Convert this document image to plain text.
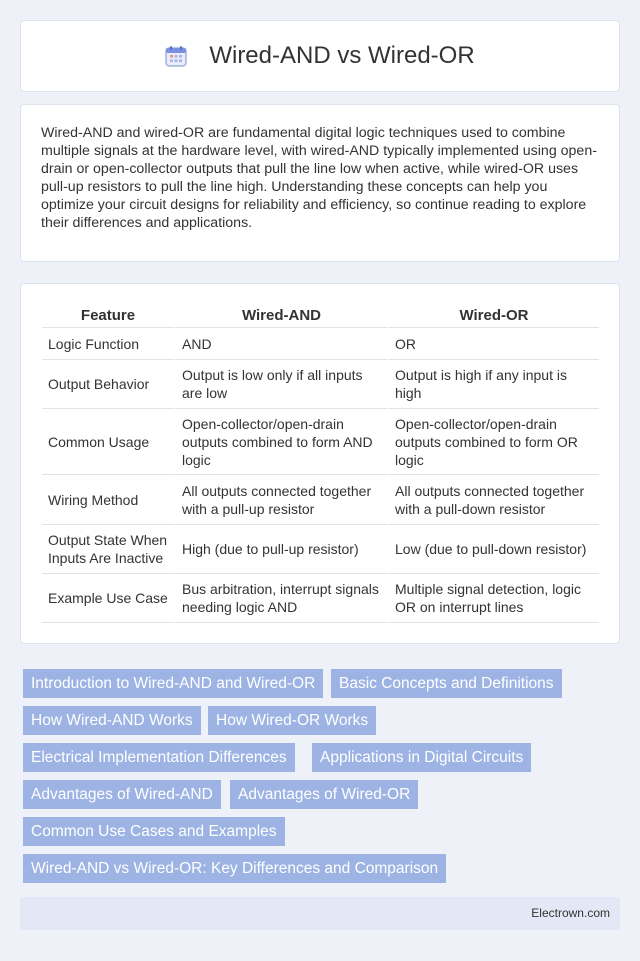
Wired-AND vs Wired-OR

Wired-AND and wired-OR are fundamental digital logic techniques used to combine multiple signals at the hardware level, with wired-AND typically implemented using open-drain or open-collector outputs that pull the line low when active, while wired-OR uses pull-up resistors to pull the line high. Understanding these concepts can help you optimize your circuit designs for reliability and efficiency, so continue reading to explore their differences and applications.

Feature	Wired-AND	Wired-OR
Logic Function	AND	OR
Output Behavior	Output is low only if all inputs are low	Output is high if any input is high
Common Usage	Open-collector/open-drain outputs combined to form AND logic	Open-collector/open-drain outputs combined to form OR logic
Wiring Method	All outputs connected together with a pull-up resistor	All outputs connected together with a pull-down resistor
Output State When Inputs Are Inactive	High (due to pull-up resistor)	Low (due to pull-down resistor)
Example Use Case	Bus arbitration, interrupt signals needing logic AND	Multiple signal detection, logic OR on interrupt lines
Introduction to Wired-AND and Wired-OR	Basic Concepts and Definitions
How Wired-AND Works	How Wired-OR Works
Electrical Implementation Differences	Applications in Digital Circuits
Advantages of Wired-AND	Advantages of Wired-OR
Common Use Cases and Examples
Wired-AND vs Wired-OR: Key Differences and Comparison
Electrown.com
